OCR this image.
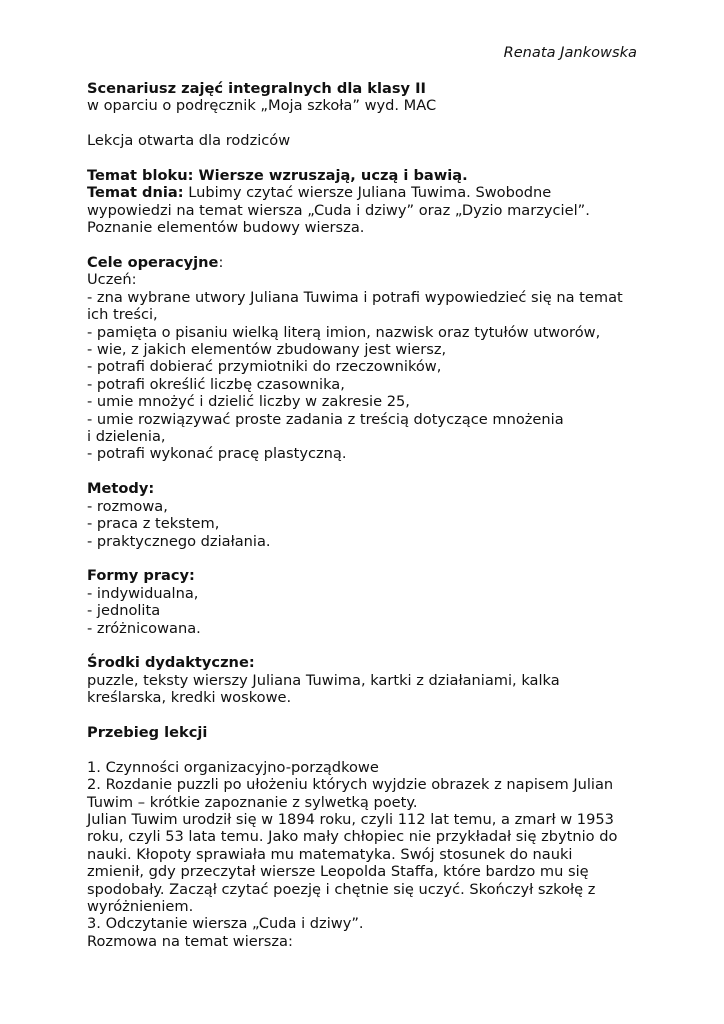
Renata Jankowska

Scenariusz zajęć integralnych dla klasy II

w oparciu o podręcznik „Moja szkoła” wyd. MAC

Lekcja otwarta dla rodziców

Temat bloku: Wiersze wzruszają, uczą i bawią.

Temat dnia: Lubimy czytać wiersze Juliana Tuwima. Swobodne

wypowiedzi na temat wiersza „Cuda i dziwy” oraz „Dyzio marzyciel”.

Poznanie elementów budowy wiersza.

Cele operacyjne:

Uczeń:

- zna wybrane utwory Juliana Tuwima i potrafi wypowiedzieć się na temat
ich treści,
- pamięta o pisaniu wielką literą imion, nazwisk oraz tytułów utworów,
- wie, z jakich elementów zbudowany jest wiersz,
- potrafi dobierać przymiotniki do rzeczowników,
- potrafi określić liczbę czasownika,
- umie mnożyć i dzielić liczby w zakresie 25,
- umie rozwiązywać proste zadania z treścią dotyczące mnożenia
i dzielenia,
- potrafi wykonać pracę plastyczną.

Metody:

- rozmowa,
- praca z tekstem,
- praktycznego działania.

Formy pracy:

- indywidualna,
- jednolita
- zróżnicowana.

Środki dydaktyczne:

puzzle, teksty wierszy Juliana Tuwima, kartki z działaniami, kalka

kreślarska, kredki woskowe.

Przebieg lekcji

1. Czynności organizacyjno-porządkowe

2. Rozdanie puzzli po ułożeniu których wyjdzie obrazek z napisem Julian

Tuwim – krótkie zapoznanie z sylwetką poety.

Julian Tuwim urodził się w 1894 roku, czyli 112 lat temu, a zmarł w 1953

roku, czyli 53 lata temu. Jako mały chłopiec nie przykładał się zbytnio do

nauki. Kłopoty sprawiała mu matematyka. Swój stosunek do nauki

zmienił, gdy przeczytał wiersze Leopolda Staffa, które bardzo mu się

spodobały. Zaczął czytać poezję i chętnie się uczyć. Skończył szkołę z

wyróżnieniem.

3. Odczytanie wiersza „Cuda i dziwy”.

Rozmowa na temat wiersza:
